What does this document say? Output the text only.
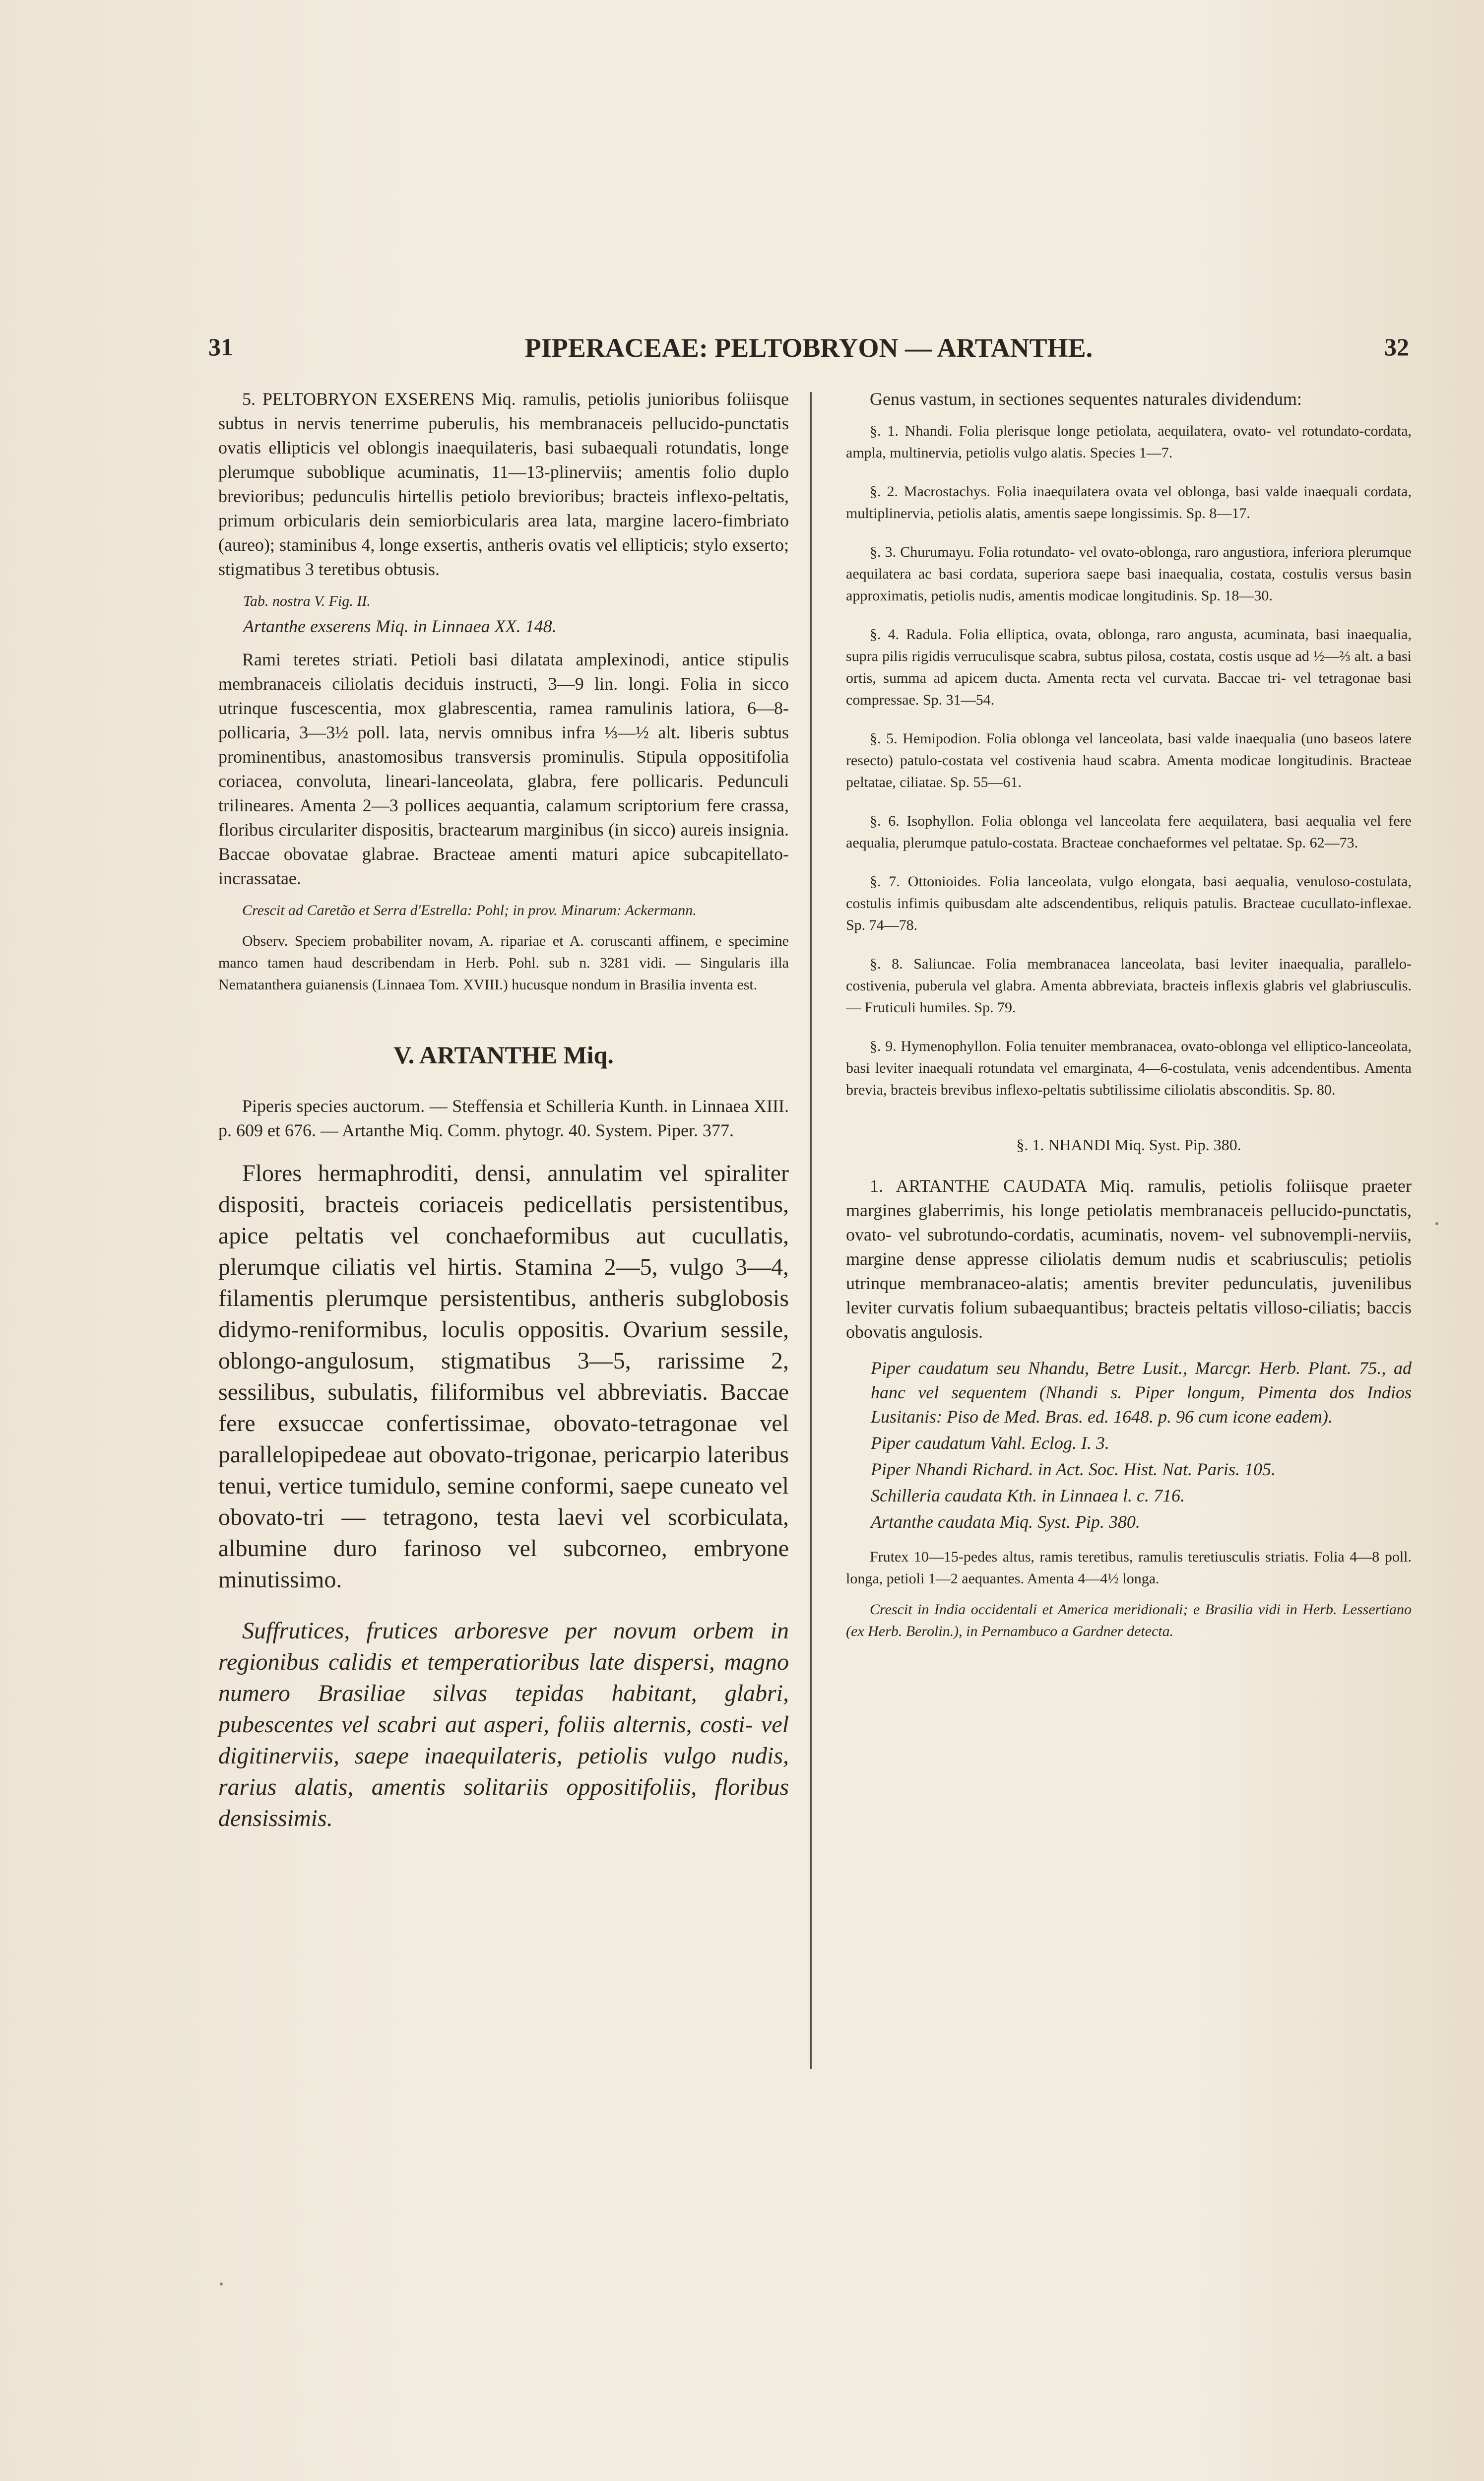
31	PIPERACEAE: PELTOBRYON — ARTANTHE.	32

5. PELTOBRYON EXSERENS Miq. ramulis, petiolis junioribus foliisque subtus in nervis tenerrime puberulis, his membranaceis pellucido-punctatis ovatis ellipticis vel oblongis inaequilateris, basi subaequali rotundatis, longe plerumque suboblique acuminatis, 11—13-plinerviis; amentis folio duplo brevioribus; pedunculis hirtellis petiolo brevioribus; bracteis inflexo-peltatis, primum orbicularis dein semiorbicularis area lata, margine lacero-fimbriato (aureo); staminibus 4, longe exsertis, antheris ovatis vel ellipticis; stylo exserto; stigmatibus 3 teretibus obtusis.

Tab. nostra V. Fig. II.

Artanthe exserens Miq. in Linnaea XX. 148.

Rami teretes striati. Petioli basi dilatata amplexinodi, antice stipulis membranaceis ciliolatis deciduis instructi, 3—9 lin. longi. Folia in sicco utrinque fuscescentia, mox glabrescentia, ramea ramulinis latiora, 6—8-pollicaria, 3—3½ poll. lata, nervis omnibus infra ⅓—½ alt. liberis subtus prominentibus, anastomosibus transversis prominulis. Stipula oppositifolia coriacea, convoluta, lineari-lanceolata, glabra, fere pollicaris. Pedunculi trilineares. Amenta 2—3 pollices aequantia, calamum scriptorium fere crassa, floribus circulariter dispositis, bractearum marginibus (in sicco) aureis insignia. Baccae obovatae glabrae. Bracteae amenti maturi apice subcapitellato-incrassatae.

Crescit ad Caretão et Serra d'Estrella: Pohl; in prov. Minarum: Ackermann.

Observ. Speciem probabiliter novam, A. ripariae et A. coruscanti affinem, e specimine manco tamen haud describendam in Herb. Pohl. sub n. 3281 vidi. — Singularis illa Nematanthera guianensis (Linnaea Tom. XVIII.) hucusque nondum in Brasilia inventa est.

V. ARTANTHE Miq.

Piperis species auctorum. — Steffensia et Schilleria Kunth. in Linnaea XIII. p. 609 et 676. — Artanthe Miq. Comm. phytogr. 40. System. Piper. 377.

Flores hermaphroditi, densi, annulatim vel spiraliter dispositi, bracteis coriaceis pedicellatis persistentibus, apice peltatis vel conchaeformibus aut cucullatis, plerumque ciliatis vel hirtis. Stamina 2—5, vulgo 3—4, filamentis plerumque persistentibus, antheris subglobosis didymo-reniformibus, loculis oppositis. Ovarium sessile, oblongo-angulosum, stigmatibus 3—5, rarissime 2, sessilibus, subulatis, filiformibus vel abbreviatis. Baccae fere exsuccae confertissimae, obovato-tetragonae vel parallelopipedeae aut obovato-trigonae, pericarpio lateribus tenui, vertice tumidulo, semine conformi, saepe cuneato vel obovato-tri — tetragono, testa laevi vel scorbiculata, albumine duro farinoso vel subcorneo, embryone minutissimo.

Suffrutices, frutices arboresve per novum orbem in regionibus calidis et temperatioribus late dispersi, magno numero Brasiliae silvas tepidas habitant, glabri, pubescentes vel scabri aut asperi, foliis alternis, costi- vel digitinerviis, saepe inaequilateris, petiolis vulgo nudis, rarius alatis, amentis solitariis oppositifoliis, floribus densissimis.

Genus vastum, in sectiones sequentes naturales dividendum:

§. 1. Nhandi. Folia plerisque longe petiolata, aequilatera, ovato- vel rotundato-cordata, ampla, multinervia, petiolis vulgo alatis. Species 1—7.

§. 2. Macrostachys. Folia inaequilatera ovata vel oblonga, basi valde inaequali cordata, multiplinervia, petiolis alatis, amentis saepe longissimis. Sp. 8—17.

§. 3. Churumayu. Folia rotundato- vel ovato-oblonga, raro angustiora, inferiora plerumque aequilatera ac basi cordata, superiora saepe basi inaequalia, costata, costulis versus basin approximatis, petiolis nudis, amentis modicae longitudinis. Sp. 18—30.

§. 4. Radula. Folia elliptica, ovata, oblonga, raro angusta, acuminata, basi inaequalia, supra pilis rigidis verruculisque scabra, subtus pilosa, costata, costis usque ad ½—⅔ alt. a basi ortis, summa ad apicem ducta. Amenta recta vel curvata. Baccae tri- vel tetragonae basi compressae. Sp. 31—54.

§. 5. Hemipodion. Folia oblonga vel lanceolata, basi valde inaequalia (uno baseos latere resecto) patulo-costata vel costivenia haud scabra. Amenta modicae longitudinis. Bracteae peltatae, ciliatae. Sp. 55—61.

§. 6. Isophyllon. Folia oblonga vel lanceolata fere aequilatera, basi aequalia vel fere aequalia, plerumque patulo-costata. Bracteae conchaeformes vel peltatae. Sp. 62—73.

§. 7. Ottonioides. Folia lanceolata, vulgo elongata, basi aequalia, venuloso-costulata, costulis infimis quibusdam alte adscendentibus, reliquis patulis. Bracteae cucullato-inflexae. Sp. 74—78.

§. 8. Saliuncae. Folia membranacea lanceolata, basi leviter inaequalia, parallelo-costivenia, puberula vel glabra. Amenta abbreviata, bracteis inflexis glabris vel glabriusculis. — Fruticuli humiles. Sp. 79.

§. 9. Hymenophyllon. Folia tenuiter membranacea, ovato-oblonga vel elliptico-lanceolata, basi leviter inaequali rotundata vel emarginata, 4—6-costulata, venis adcendentibus. Amenta brevia, bracteis brevibus inflexo-peltatis subtilissime ciliolatis absconditis. Sp. 80.

§. 1. NHANDI Miq. Syst. Pip. 380.

1. ARTANTHE CAUDATA Miq. ramulis, petiolis foliisque praeter margines glaberrimis, his longe petiolatis membranaceis pellucido-punctatis, ovato- vel subrotundo-cordatis, acuminatis, novem- vel subnovempli-nerviis, margine dense appresse ciliolatis demum nudis et scabriusculis; petiolis utrinque membranaceo-alatis; amentis breviter pedunculatis, juvenilibus leviter curvatis folium subaequantibus; bracteis peltatis villoso-ciliatis; baccis obovatis angulosis.

Piper caudatum seu Nhandu, Betre Lusit., Marcgr. Herb. Plant. 75., ad hanc vel sequentem (Nhandi s. Piper longum, Pimenta dos Indios Lusitanis: Piso de Med. Bras. ed. 1648. p. 96 cum icone eadem).

Piper caudatum Vahl. Eclog. I. 3.

Piper Nhandi Richard. in Act. Soc. Hist. Nat. Paris. 105.

Schilleria caudata Kth. in Linnaea l. c. 716.

Artanthe caudata Miq. Syst. Pip. 380.

Frutex 10—15-pedes altus, ramis teretibus, ramulis teretiusculis striatis. Folia 4—8 poll. longa, petioli 1—2 aequantes. Amenta 4—4½ longa.

Crescit in India occidentali et America meridionali; e Brasilia vidi in Herb. Lessertiano (ex Herb. Berolin.), in Pernambuco a Gardner detecta.
